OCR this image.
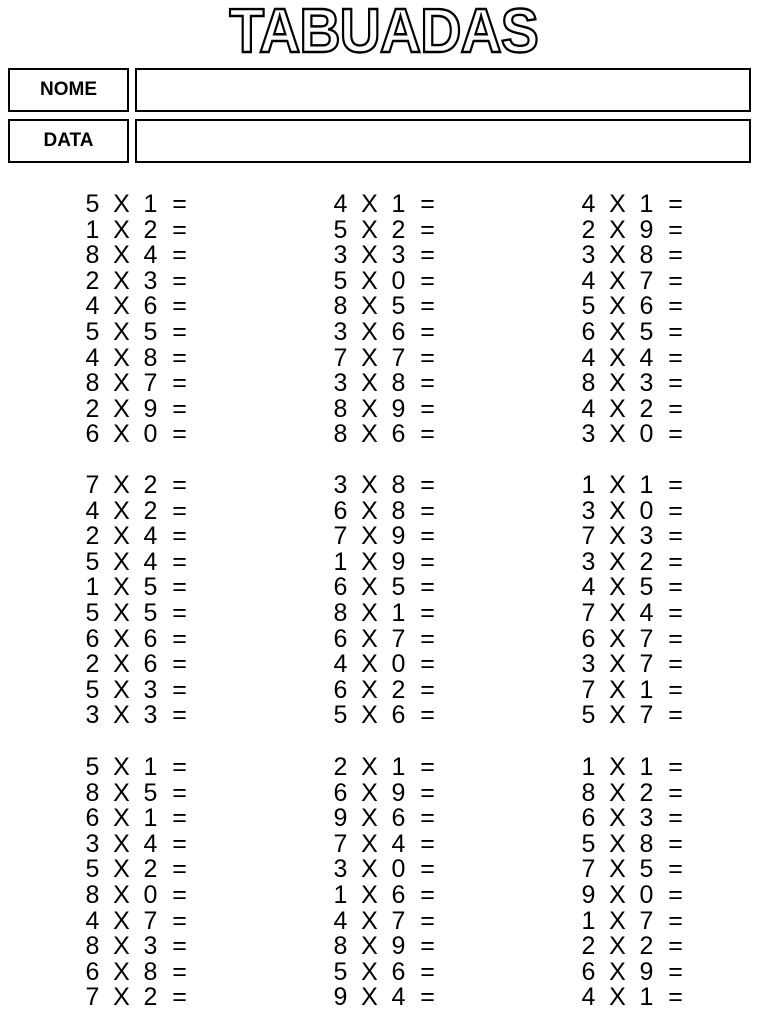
TABUADAS
NOME
DATA
5 X 1 =
1 X 2 =
8 X 4 =
2 X 3 =
4 X 6 =
5 X 5 =
4 X 8 =
8 X 7 =
2 X 9 =
6 X 0 =
4 X 1 =
5 X 2 =
3 X 3 =
5 X 0 =
8 X 5 =
3 X 6 =
7 X 7 =
3 X 8 =
8 X 9 =
8 X 6 =
4 X 1 =
2 X 9 =
3 X 8 =
4 X 7 =
5 X 6 =
6 X 5 =
4 X 4 =
8 X 3 =
4 X 2 =
3 X 0 =
7 X 2 =
4 X 2 =
2 X 4 =
5 X 4 =
1 X 5 =
5 X 5 =
6 X 6 =
2 X 6 =
5 X 3 =
3 X 3 =
3 X 8 =
6 X 8 =
7 X 9 =
1 X 9 =
6 X 5 =
8 X 1 =
6 X 7 =
4 X 0 =
6 X 2 =
5 X 6 =
1 X 1 =
3 X 0 =
7 X 3 =
3 X 2 =
4 X 5 =
7 X 4 =
6 X 7 =
3 X 7 =
7 X 1 =
5 X 7 =
5 X 1 =
8 X 5 =
6 X 1 =
3 X 4 =
5 X 2 =
8 X 0 =
4 X 7 =
8 X 3 =
6 X 8 =
7 X 2 =
2 X 1 =
6 X 9 =
9 X 6 =
7 X 4 =
3 X 0 =
1 X 6 =
4 X 7 =
8 X 9 =
5 X 6 =
9 X 4 =
1 X 1 =
8 X 2 =
6 X 3 =
5 X 8 =
7 X 5 =
9 X 0 =
1 X 7 =
2 X 2 =
6 X 9 =
4 X 1 =
